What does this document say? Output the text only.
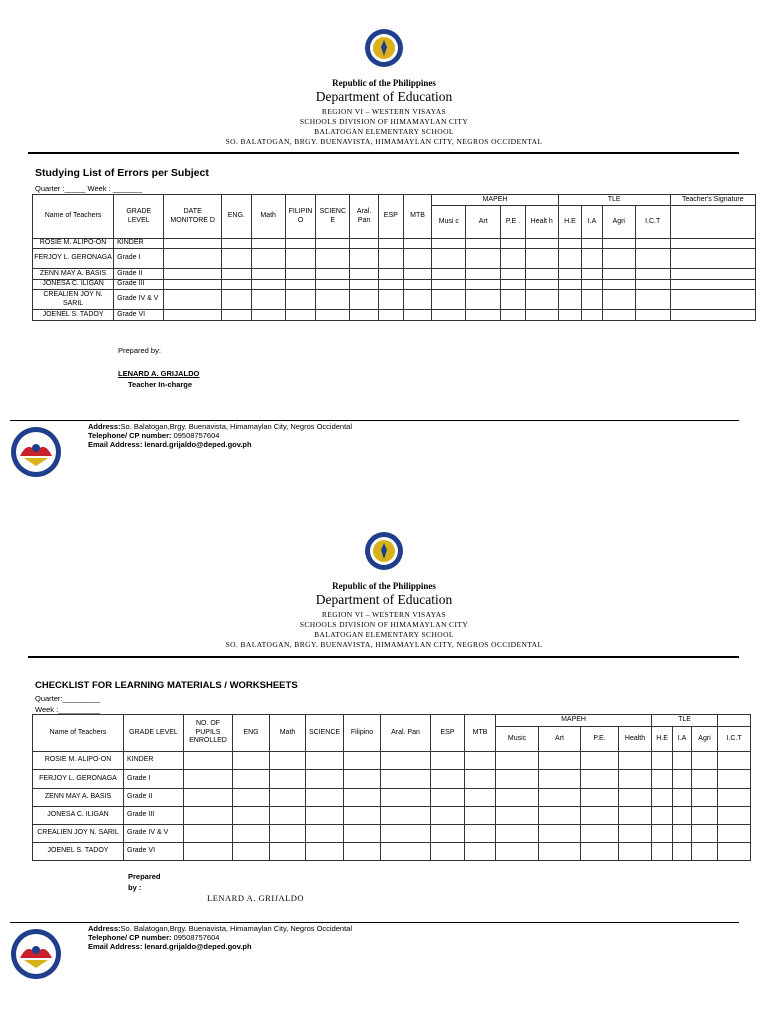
Republic of the Philippines
Department of Education
REGION VI – WESTERN VISAYAS
SCHOOLS DIVISION OF HIMAMAYLAN CITY
BALATOGAN ELEMENTARY SCHOOL
SO. BALATOGAN, BRGY. BUENAVISTA, HIMAMAYLAN CITY, NEGROS OCCIDENTAL
Studying List of Errors per Subject
Quarter :_____ Week : _______
Name of Teachers	GRADE LEVEL	DATE MONITORE D	ENG.	Math	FILIPIN O	SCIENC E	Aral. Pan	ESP	MTB	MAPEH				TLE				Teacher's Signature
										Musi c	Art	P.E .	Healt h	H.E	I.A	Agri	I.C.T	
ROSIE M. ALIPO-ON	KINDER																	
FERJOY L. GERONAGA	Grade I																	
ZENN MAY A. BASIS	Grade II																	
JONESA C. ILIGAN	Grade III																	
CREALIEN JOY N. SARIL	Grade IV & V																	
JOENEL S. TADOY	Grade VI																	
Prepared by:
LENARD A. GRIJALDO
Teacher In-charge
Address:So. Balatogan,Brgy. Buenavista, Himamaylan City, Negros Occidental
Telephone/ CP number: 09508757604
Email Address: lenard.grijaldo@deped.gov.ph
Republic of the Philippines
Department of Education
REGION VI – WESTERN VISAYAS
SCHOOLS DIVISION OF HIMAMAYLAN CITY
BALATOGAN ELEMENTARY SCHOOL
SO. BALATOGAN, BRGY. BUENAVISTA, HIMAMAYLAN CITY, NEGROS OCCIDENTAL
CHECKLIST FOR LEARNING MATERIALS / WORKSHEETS
Quarter:_________
Week :__________
Name of Teachers	GRADE LEVEL	NO. OF PUPILS ENROLLED	ENG	Math	SCIENCE	Filipino	Aral. Pan	ESP	MTB	MAPEH				TLE			
										Music	Art	P.E.	Health	H.E	I.A	Agri	I.C.T
ROSIE M. ALIPO-ON	KINDER																
FERJOY L. GERONAGA	Grade I																
ZENN MAY A. BASIS	Grade II																
JONESA C. ILIGAN	Grade III																
CREALIEN JOY N. SARIL	Grade IV & V																
JOENEL S. TADOY	Grade VI																
Prepared by :
LENARD A. GRIJALDO
Address:So. Balatogan,Brgy. Buenavista, Himamaylan City, Negros Occidental
Telephone/ CP number: 09508757604
Email Address: lenard.grijaldo@deped.gov.ph
